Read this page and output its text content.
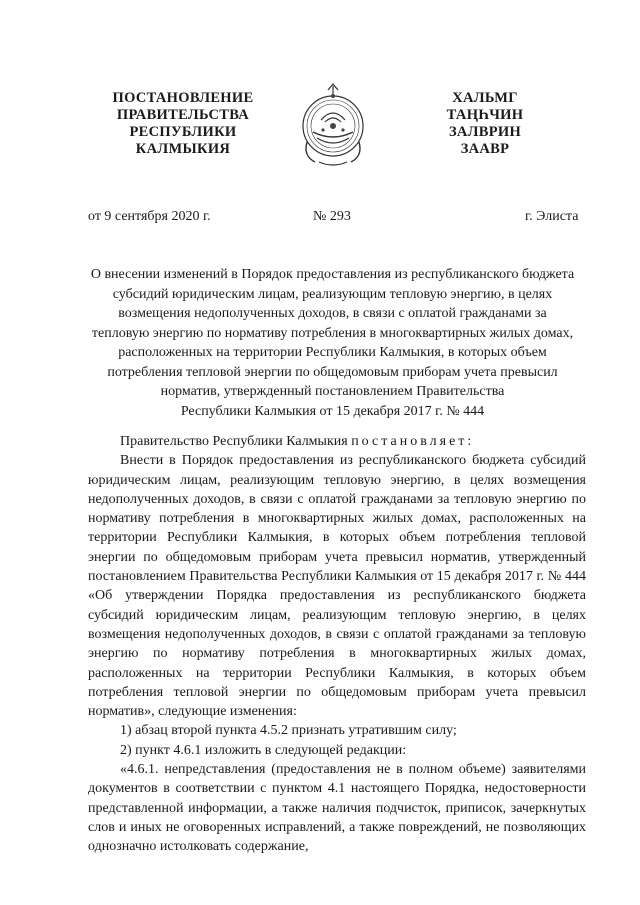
ПОСТАНОВЛЕНИЕ
ПРАВИТЕЛЬСТВА
РЕСПУБЛИКИ
КАЛМЫКИЯ
ХАЛЬМГ
ТАҢҺЧИН
ЗАЛВРИН
ЗААВР
от 9 сентября 2020 г.	№ 293	г. Элиста
О внесении изменений в Порядок предоставления из республиканского бюджета
субсидий юридическим лицам, реализующим тепловую энергию, в целях
возмещения недополученных доходов, в связи с оплатой гражданами за
тепловую энергию по нормативу потребления в многоквартирных жилых домах,
расположенных на территории Республики Калмыкия, в которых объем
потребления тепловой энергии по общедомовым приборам учета превысил
норматив, утвержденный постановлением Правительства
Республики Калмыкия от 15 декабря 2017 г. № 444

Правительство Республики Калмыкия постановляет:

Внести в Порядок предоставления из республиканского бюджета субсидий юридическим лицам, реализующим тепловую энергию, в целях возмещения недополученных доходов, в связи с оплатой гражданами за тепловую энергию по нормативу потребления в многоквартирных жилых домах, расположенных на территории Республики Калмыкия, в которых объем потребления тепловой энергии по общедомовым приборам учета превысил норматив, утвержденный постановлением Правительства Республики Калмыкия от 15 декабря 2017 г. № 444 «Об утверждении Порядка предоставления из республиканского бюджета субсидий юридическим лицам, реализующим тепловую энергию, в целях возмещения недополученных доходов, в связи с оплатой гражданами за тепловую энергию по нормативу потребления в многоквартирных жилых домах, расположенных на территории Республики Калмыкия, в которых объем потребления тепловой энергии по общедомовым приборам учета превысил норматив», следующие изменения:

1) абзац второй пункта 4.5.2 признать утратившим силу;

2) пункт 4.6.1 изложить в следующей редакции:

«4.6.1. непредставления (предоставления не в полном объеме) заявителями документов в соответствии с пунктом 4.1 настоящего Порядка, недостоверности представленной информации, а также наличия подчисток, приписок, зачеркнутых слов и иных не оговоренных исправлений, а также повреждений, не позволяющих однозначно истолковать содержание,
